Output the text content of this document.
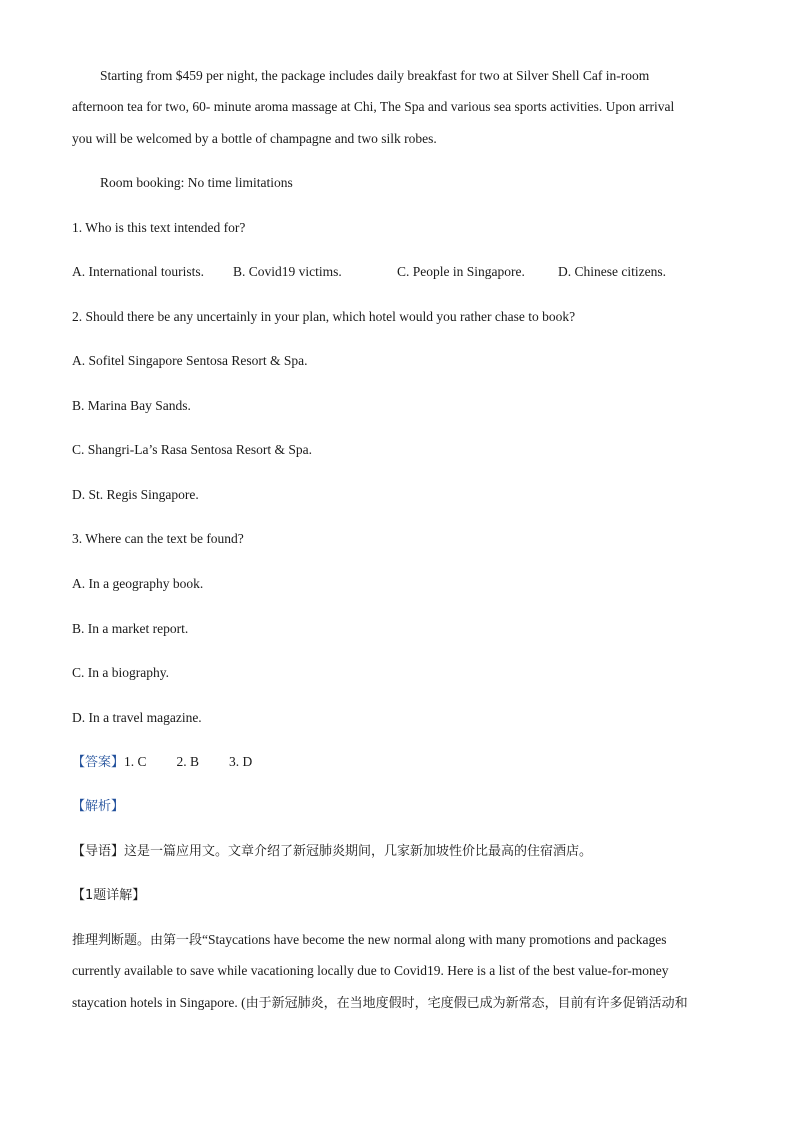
Starting from $459 per night, the package includes daily breakfast for two at Silver Shell Caf in-room
afternoon tea for two, 60- minute aroma massage at Chi, The Spa and various sea sports activities. Upon arrival
you will be welcomed by a bottle of champagne and two silk robes.
Room booking: No time limitations
1. Who is this text intended for?
A. International tourists. B. Covid19 victims.	C. People in Singapore. D. Chinese citizens.
2. Should there be any uncertainly in your plan, which hotel would you rather chase to book?
A. Sofitel Singapore Sentosa Resort & Spa.
B. Marina Bay Sands.
C. Shangri-La’s Rasa Sentosa Resort & Spa.
D. St. Regis Singapore.
3. Where can the text be found?
A. In a geography book.
B. In a market report.
C. In a biography.
D. In a travel magazine.
【答案】1. C 2. B 3. D
【解析】
【导语】这是一篇应用文。文章介绍了新冠肺炎期间，几家新加坡性价比最高的住宿酒店。
【1题详解】
推理判断题。由第一段“Staycations have become the new normal along with many promotions and packages
currently available to save while vacationing locally due to Covid19. Here is a list of the best value-for-money
staycation hotels in Singapore. (由于新冠肺炎，在当地度假时，宅度假已成为新常态，目前有许多促销活动和
